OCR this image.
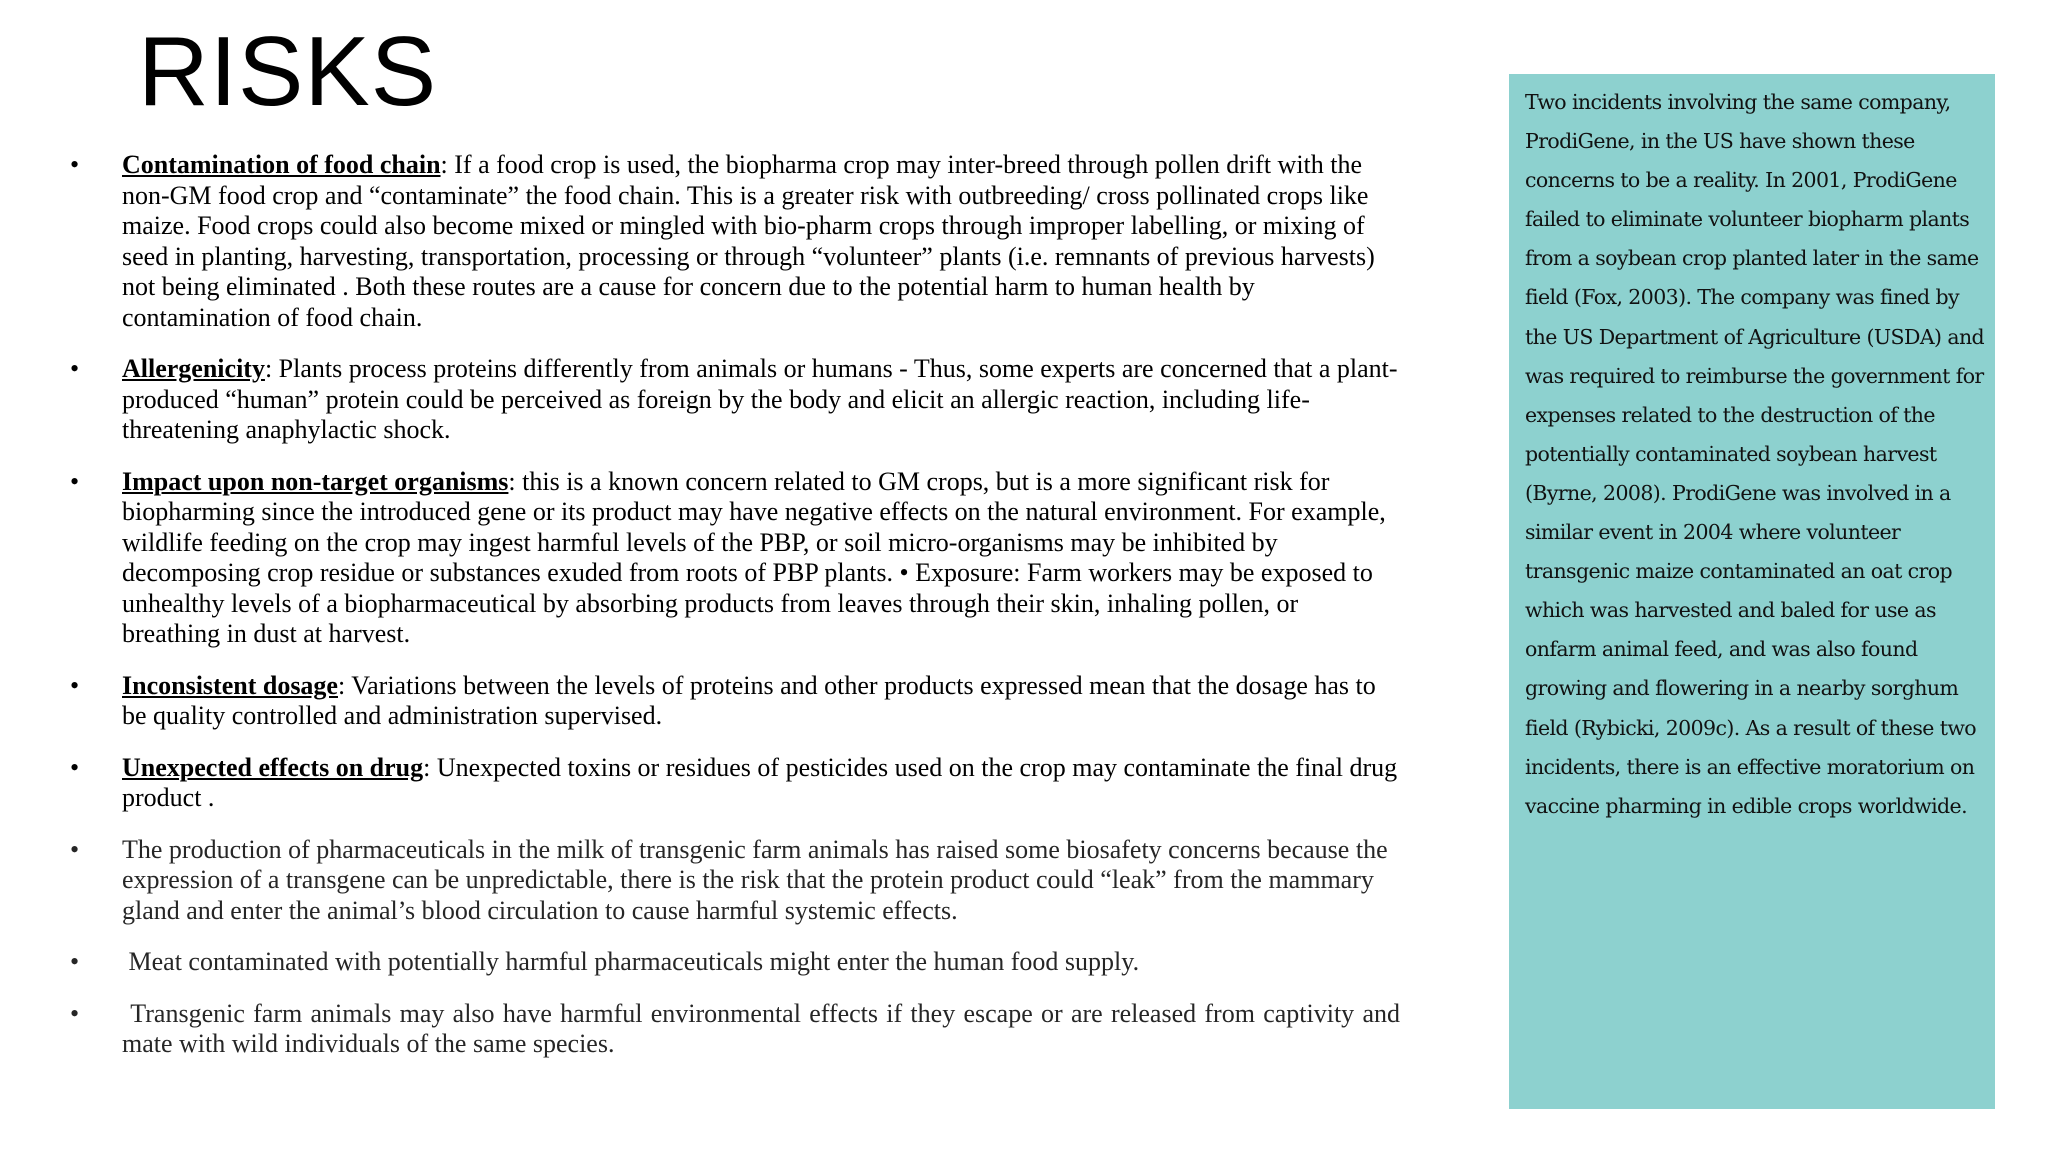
RISKS
•	Contamination of food chain: If a food crop is used, the biopharma crop may inter-breed through pollen drift with the non-GM food crop and “contaminate” the food chain. This is a greater risk with outbreeding/ cross pollinated crops like maize. Food crops could also become mixed or mingled with bio-pharm crops through improper labelling, or mixing of seed in planting, harvesting, transportation, processing or through “volunteer” plants (i.e. remnants of previous harvests) not being eliminated . Both these routes are a cause for concern due to the potential harm to human health by contamination of food chain.
•	Allergenicity: Plants process proteins differently from animals or humans - Thus, some experts are concerned that a plant-produced “human” protein could be perceived as foreign by the body and elicit an allergic reaction, including life-threatening anaphylactic shock.
•	Impact upon non-target organisms: this is a known concern related to GM crops, but is a more significant risk for biopharming since the introduced gene or its product may have negative effects on the natural environment. For example, wildlife feeding on the crop may ingest harmful levels of the PBP, or soil micro-organisms may be inhibited by decomposing crop residue or substances exuded from roots of PBP plants. • Exposure: Farm workers may be exposed to unhealthy levels of a biopharmaceutical by absorbing products from leaves through their skin, inhaling pollen, or breathing in dust at harvest.
•	Inconsistent dosage: Variations between the levels of proteins and other products expressed mean that the dosage has to be quality controlled and administration supervised.
•	Unexpected effects on drug: Unexpected toxins or residues of pesticides used on the crop may contaminate the final drug product .
•	The production of pharmaceuticals in the milk of transgenic farm animals has raised some biosafety concerns because the expression of a transgene can be unpredictable, there is the risk that the protein product could “leak” from the mammary gland and enter the animal’s blood circulation to cause harmful systemic effects.
•	Meat contaminated with potentially harmful pharmaceuticals might enter the human food supply.
•	Transgenic farm animals may also have harmful environmental effects if they escape or are released from captivity and mate with wild individuals of the same species.

Two incidents involving the same company, ProdiGene, in the US have shown these concerns to be a reality. In 2001, ProdiGene failed to eliminate volunteer biopharm plants from a soybean crop planted later in the same field (Fox, 2003). The company was fined by the US Department of Agriculture (USDA) and was required to reimburse the government for expenses related to the destruction of the potentially contaminated soybean harvest (Byrne, 2008). ProdiGene was involved in a similar event in 2004 where volunteer transgenic maize contaminated an oat crop which was harvested and baled for use as onfarm animal feed, and was also found growing and flowering in a nearby sorghum field (Rybicki, 2009c). As a result of these two incidents, there is an effective moratorium on vaccine pharming in edible crops worldwide.
